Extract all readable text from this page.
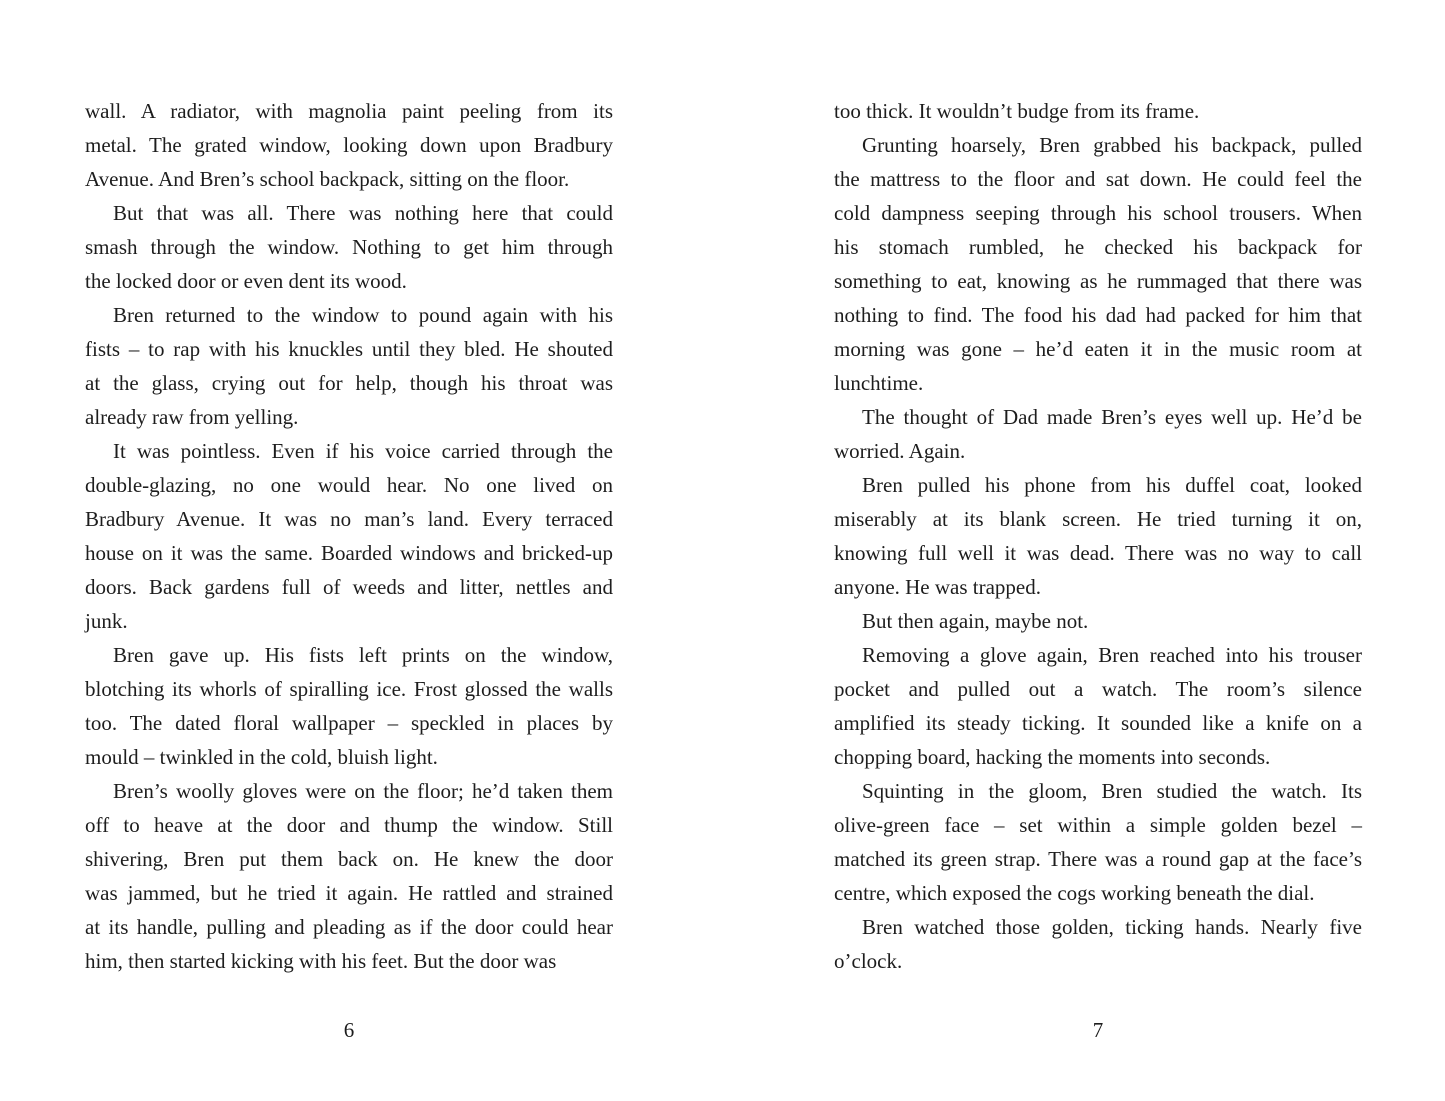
wall. A radiator, with magnolia paint peeling from its
metal. The grated window, looking down upon Bradbury
Avenue. And Bren’s school backpack, sitting on the floor.

But that was all. There was nothing here that could
smash through the window. Nothing to get him through
the locked door or even dent its wood.

Bren returned to the window to pound again with his
fists – to rap with his knuckles until they bled. He shouted
at the glass, crying out for help, though his throat was
already raw from yelling.

It was pointless. Even if his voice carried through the
double-glazing, no one would hear. No one lived on
Bradbury Avenue. It was no man’s land. Every terraced
house on it was the same. Boarded windows and bricked-up
doors. Back gardens full of weeds and litter, nettles and
junk.

Bren gave up. His fists left prints on the window,
blotching its whorls of spiralling ice. Frost glossed the walls
too. The dated floral wallpaper – speckled in places by
mould – twinkled in the cold, bluish light.

Bren’s woolly gloves were on the floor; he’d taken them
off to heave at the door and thump the window. Still
shivering, Bren put them back on. He knew the door
was jammed, but he tried it again. He rattled and strained
at its handle, pulling and pleading as if the door could hear
him, then started kicking with his feet. But the door was

6

too thick. It wouldn’t budge from its frame.

Grunting hoarsely, Bren grabbed his backpack, pulled
the mattress to the floor and sat down. He could feel the
cold dampness seeping through his school trousers. When
his stomach rumbled, he checked his backpack for
something to eat, knowing as he rummaged that there was
nothing to find. The food his dad had packed for him that
morning was gone – he’d eaten it in the music room at
lunchtime.

The thought of Dad made Bren’s eyes well up. He’d be
worried. Again.

Bren pulled his phone from his duffel coat, looked
miserably at its blank screen. He tried turning it on,
knowing full well it was dead. There was no way to call
anyone. He was trapped.

But then again, maybe not.

Removing a glove again, Bren reached into his trouser
pocket and pulled out a watch. The room’s silence
amplified its steady ticking. It sounded like a knife on a
chopping board, hacking the moments into seconds.

Squinting in the gloom, Bren studied the watch. Its
olive-green face – set within a simple golden bezel –
matched its green strap. There was a round gap at the face’s
centre, which exposed the cogs working beneath the dial.

Bren watched those golden, ticking hands. Nearly five
o’clock.

7
